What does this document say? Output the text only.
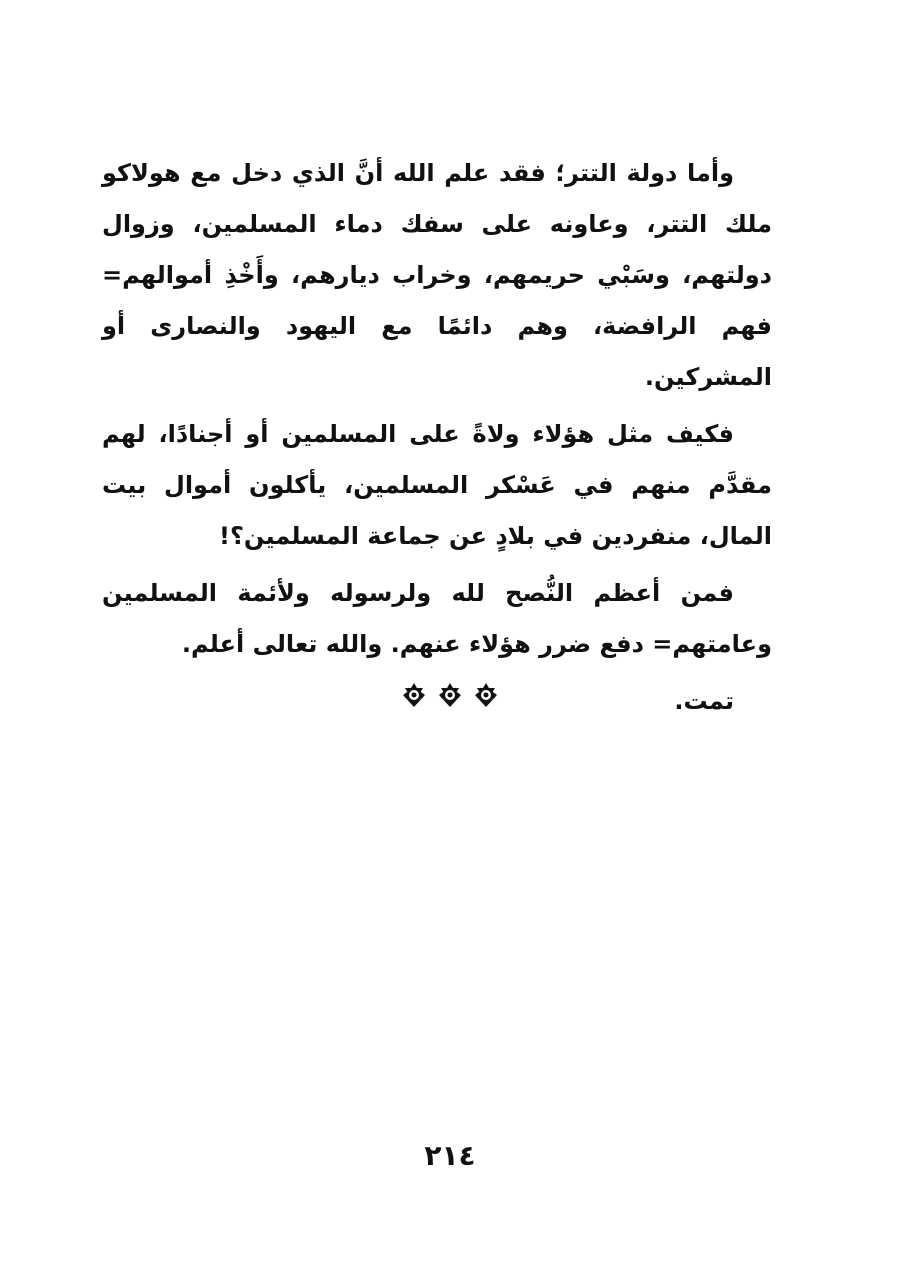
وأما دولة التتر؛ فقد علم الله أنَّ الذي دخل مع هولاكو ملك التتر، وعاونه على سفك دماء المسلمين، وزوال دولتهم، وسَبْي حريمهم، وخراب ديارهم، وأَخْذِ أموالهم= فهم الرافضة، وهم دائمًا مع اليهود والنصارى أو المشركين.

فكيف مثل هؤلاء ولاةً على المسلمين أو أجنادًا، لهم مقدَّم منهم في عَسْكر المسلمين، يأكلون أموال بيت المال، منفردين في بلادٍ عن جماعة المسلمين؟!

فمن أعظم النُّصح لله ولرسوله ولأئمة المسلمين وعامتهم= دفع ضرر هؤلاء عنهم. والله تعالى أعلم.

تمت.

٢١٤
